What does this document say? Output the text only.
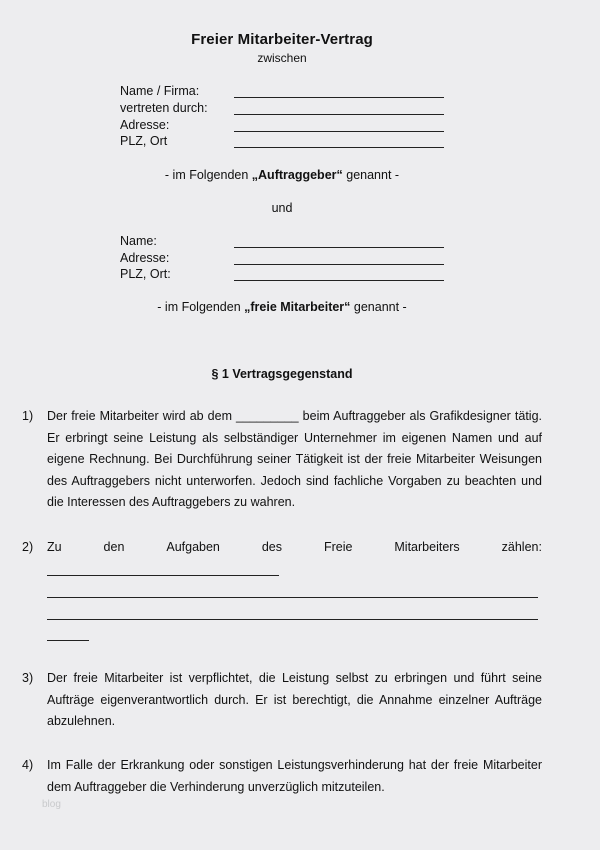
Freier Mitarbeiter-Vertrag
zwischen
Name / Firma:
vertreten durch:
Adresse:
PLZ, Ort
- im Folgenden „Auftraggeber“ genannt -
und
Name:
Adresse:
PLZ, Ort:
- im Folgenden „freie Mitarbeiter“ genannt -
§ 1 Vertragsgegenstand
1) Der freie Mitarbeiter wird ab dem _________ beim Auftraggeber als Grafikdesigner tätig. Er erbringt seine Leistung als selbständiger Unternehmer im eigenen Namen und auf eigene Rechnung. Bei Durchführung seiner Tätigkeit ist der freie Mitarbeiter Weisungen des Auftraggebers nicht unterworfen. Jedoch sind fachliche Vorgaben zu beachten und die Interessen des Auftraggebers zu wahren.
2) Zu	den	Aufgaben	des	Freie	Mitarbeiters	zählen:
3) Der freie Mitarbeiter ist verpflichtet, die Leistung selbst zu erbringen und führt seine Aufträge eigenverantwortlich durch. Er ist berechtigt, die Annahme einzelner Aufträge abzulehnen.
4) Im Falle der Erkrankung oder sonstigen Leistungsverhinderung hat der freie Mitarbeiter dem Auftraggeber die Verhinderung unverzüglich mitzuteilen.
blog
